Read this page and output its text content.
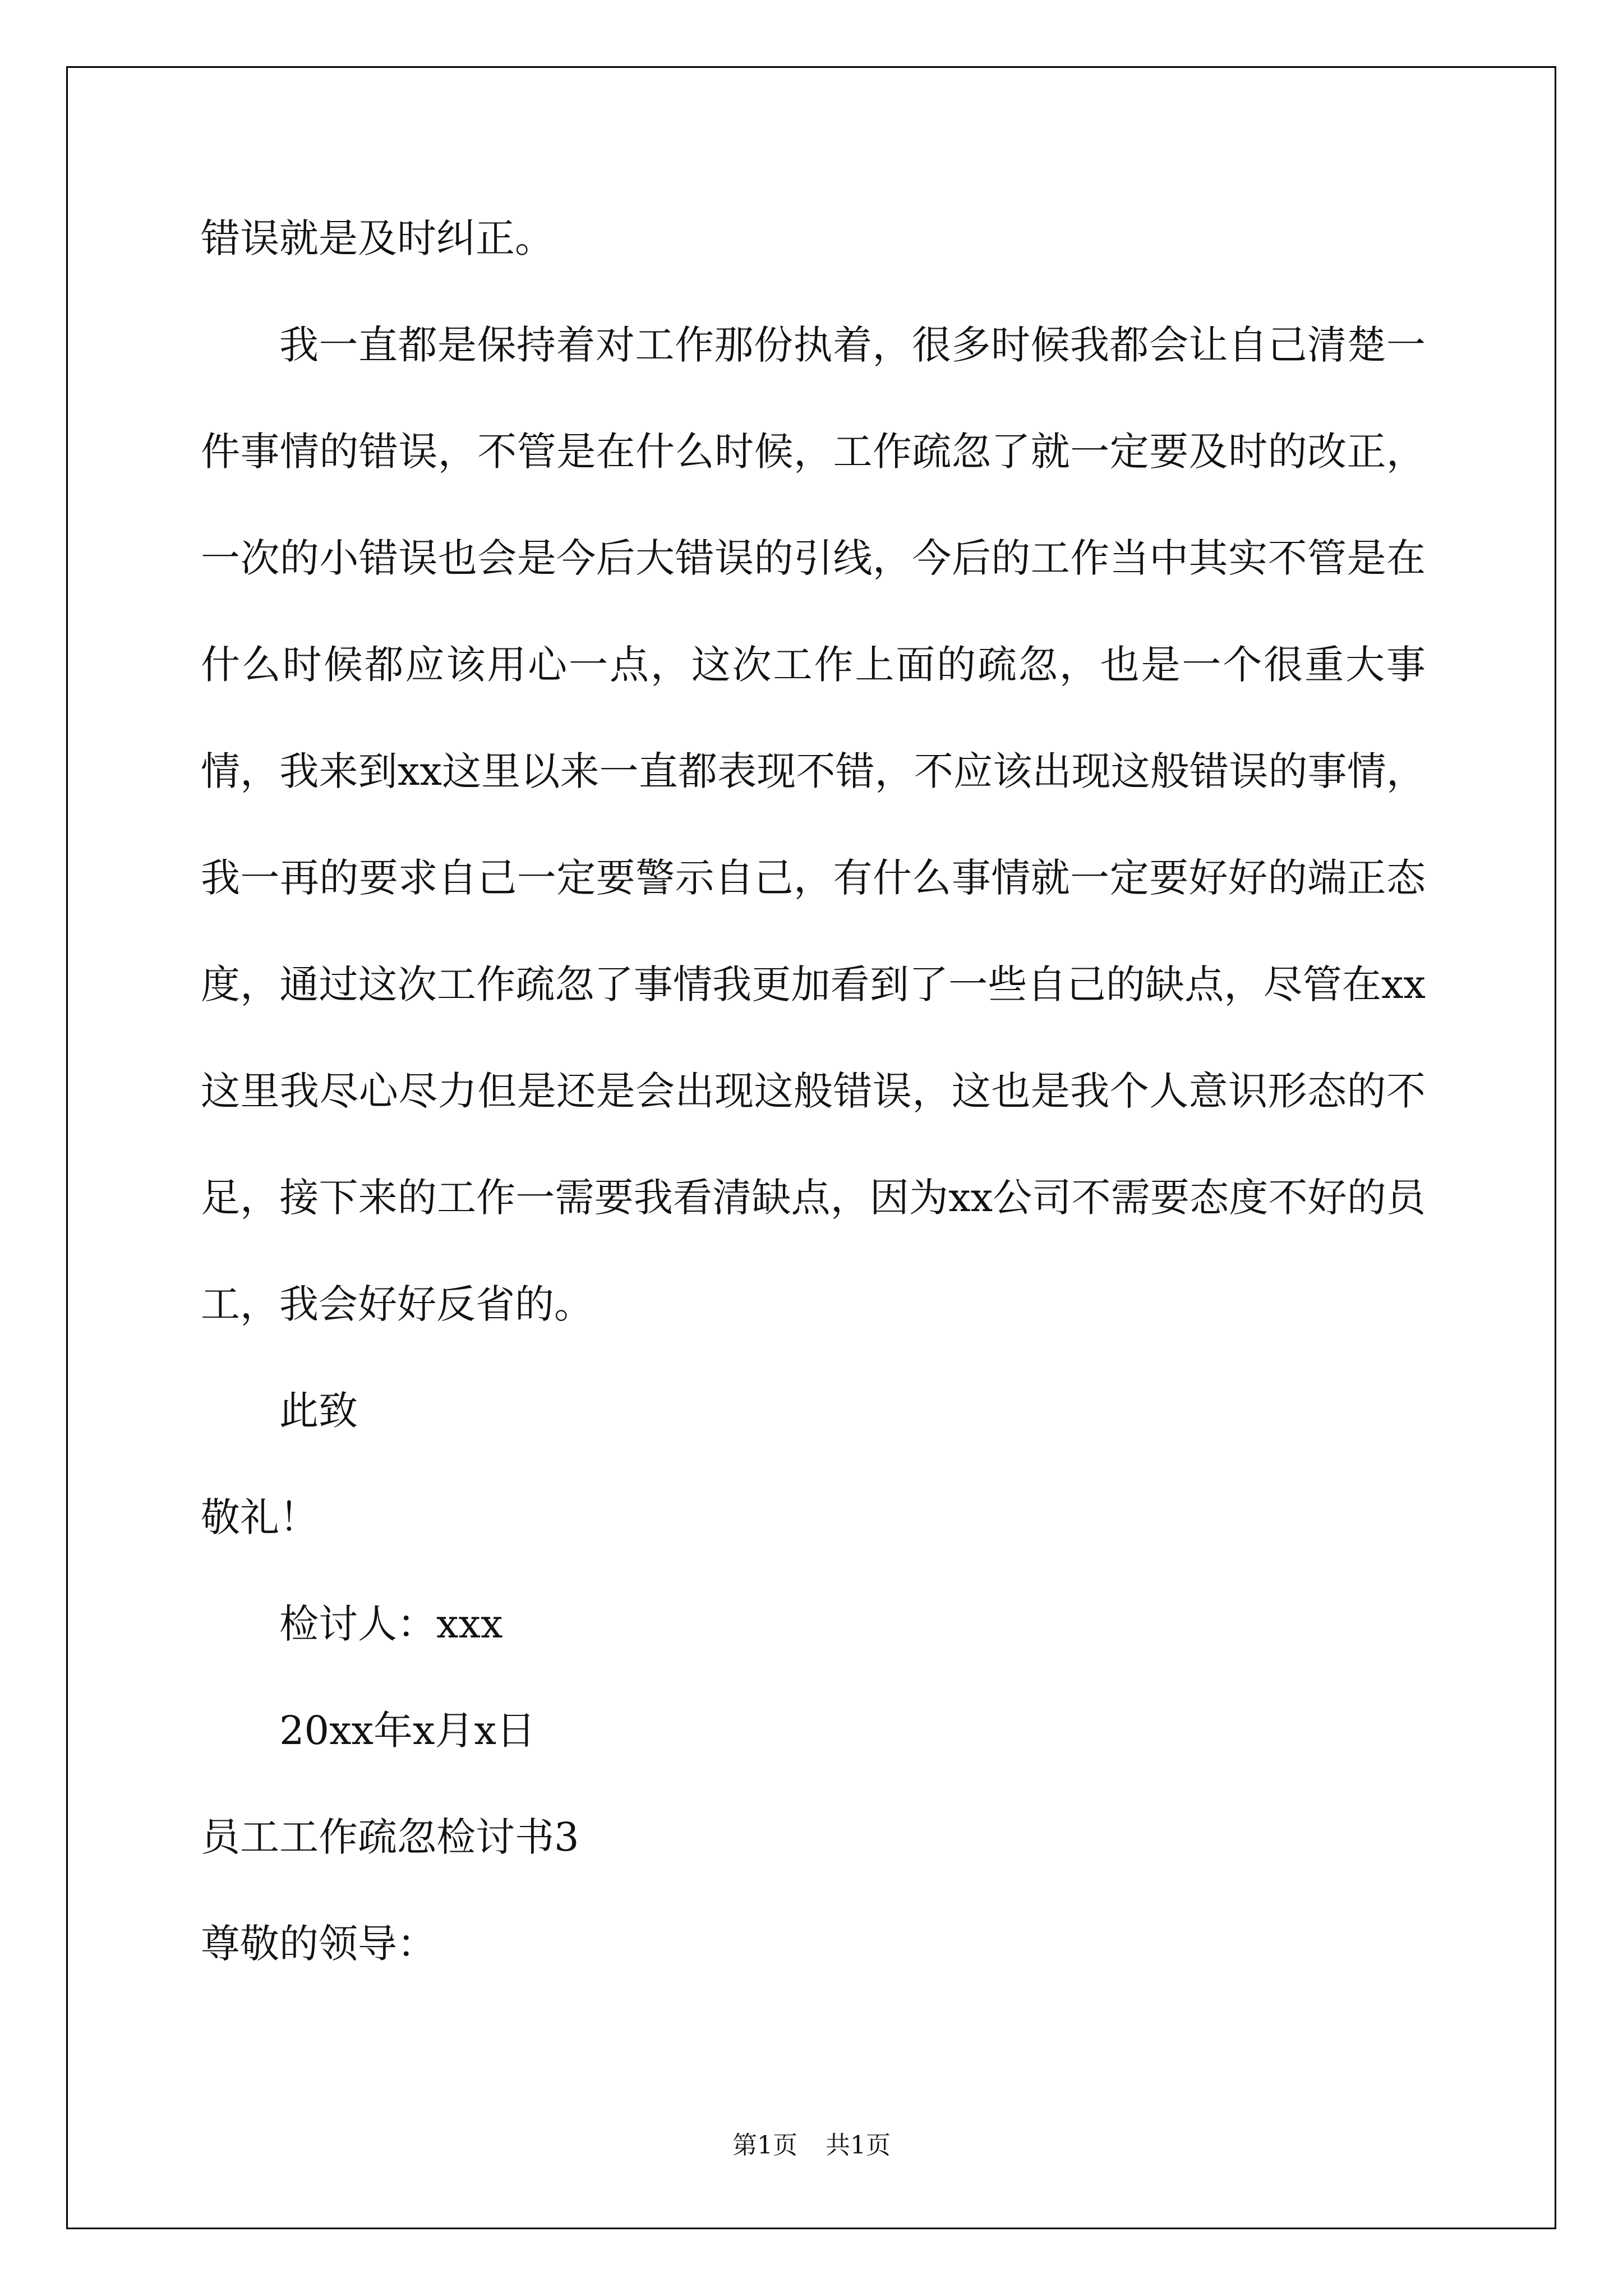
错误就是及时纠正。

我一直都是保持着对工作那份执着，很多时候我都会让自己清楚一件事情的错误，不管是在什么时候，工作疏忽了就一定要及时的改正，一次的小错误也会是今后大错误的引线，今后的工作当中其实不管是在什么时候都应该用心一点，这次工作上面的疏忽，也是一个很重大事情，我来到xx这里以来一直都表现不错，不应该出现这般错误的事情，我一再的要求自己一定要警示自己，有什么事情就一定要好好的端正态度，通过这次工作疏忽了事情我更加看到了一些自己的缺点，尽管在xx这里我尽心尽力但是还是会出现这般错误，这也是我个人意识形态的不足，接下来的工作一需要我看清缺点，因为xx公司不需要态度不好的员工，我会好好反省的。

此致

敬礼！

检讨人：xxx

20xx年x月x日

员工工作疏忽检讨书3

尊敬的领导：

第1页 共1页
